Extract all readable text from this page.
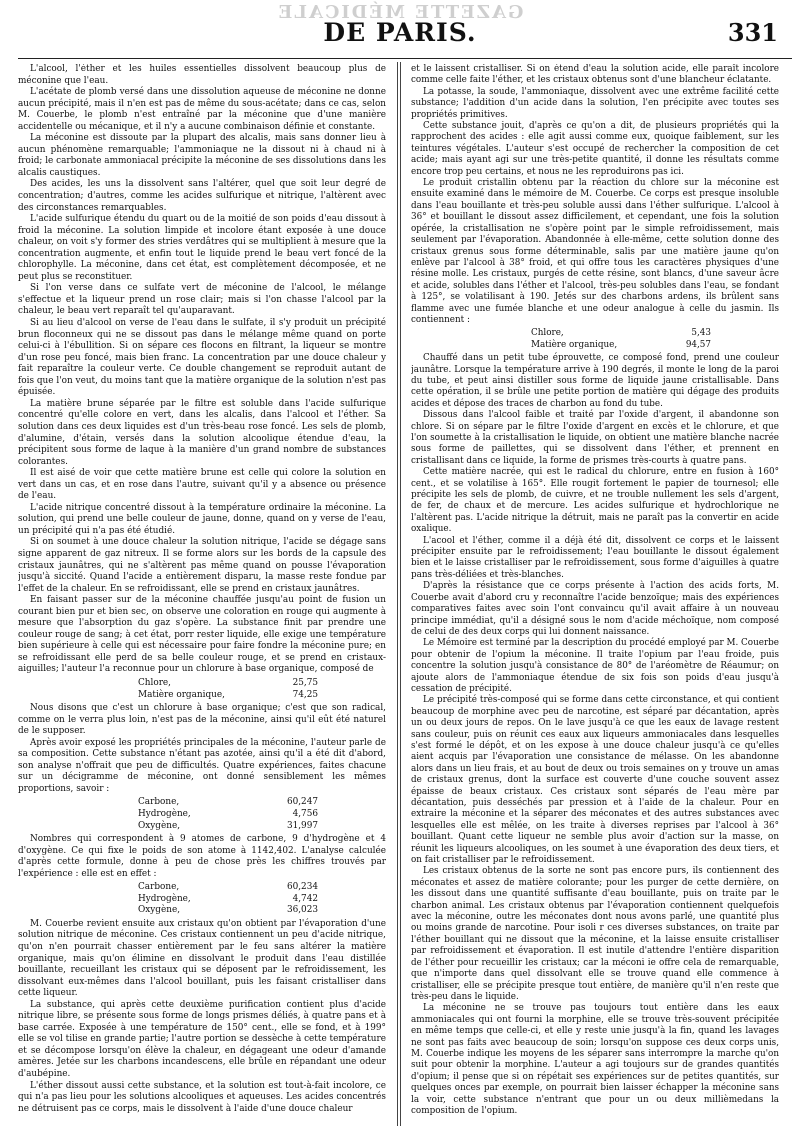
GAZETTE MÉDICALE
DE PARIS.	331

L'alcool, l'éther et les huiles essentielles dissolvent beaucoup plus de méconine que l'eau.

L'acétate de plomb versé dans une dissolution aqueuse de méconine ne donne aucun précipité, mais il n'en est pas de même du sous-acétate; dans ce cas, selon M. Couerbe, le plomb n'est entraîné par la méconine que d'une manière accidentelle ou mécanique, et il n'y a aucune combinaison définie et constante.

La méconine est dissoute par la plupart des alcalis, mais sans donner lieu à aucun phénomène remarquable; l'ammoniaque ne la dissout ni à chaud ni à froid; le carbonate ammoniacal précipite la méconine de ses dissolutions dans les alcalis caustiques.

Des acides, les uns la dissolvent sans l'altérer, quel que soit leur degré de concentration; d'autres, comme les acides sulfurique et nitrique, l'altèrent avec des circonstances remarquables.

L'acide sulfurique étendu du quart ou de la moitié de son poids d'eau dissout à froid la méconine. La solution limpide et incolore étant exposée à une douce chaleur, on voit s'y former des stries verdâtres qui se multiplient à mesure que la concentration augmente, et enfin tout le liquide prend le beau vert foncé de la chlorophylle. La méconine, dans cet état, est complètement décomposée, et ne peut plus se reconstituer.

Si l'on verse dans ce sulfate vert de méconine de l'alcool, le mélange s'effectue et la liqueur prend un rose clair; mais si l'on chasse l'alcool par la chaleur, le beau vert reparaît tel qu'auparavant.

Si au lieu d'alcool on verse de l'eau dans le sulfate, il s'y produit un précipité brun floconneux qui ne se dissout pas dans le mélange même quand on porte celui-ci à l'ébullition. Si on sépare ces flocons en filtrant, la liqueur se montre d'un rose peu foncé, mais bien franc. La concentration par une douce chaleur y fait reparaître la couleur verte. Ce double changement se reproduit autant de fois que l'on veut, du moins tant que la matière organique de la solution n'est pas épuisée.

La matière brune séparée par le filtre est soluble dans l'acide sulfurique concentré qu'elle colore en vert, dans les alcalis, dans l'alcool et l'éther. Sa solution dans ces deux liquides est d'un très-beau rose foncé. Les sels de plomb, d'alumine, d'étain, versés dans la solution alcoolique étendue d'eau, la précipitent sous forme de laque à la manière d'un grand nombre de substances colorantes.

Il est aisé de voir que cette matière brune est celle qui colore la solution en vert dans un cas, et en rose dans l'autre, suivant qu'il y a absence ou présence de l'eau.

L'acide nitrique concentré dissout à la température ordinaire la méconine. La solution, qui prend une belle couleur de jaune, donne, quand on y verse de l'eau, un précipité qui n'a pas été étudié.

Si on soumet à une douce chaleur la solution nitrique, l'acide se dégage sans signe apparent de gaz nitreux. Il se forme alors sur les bords de la capsule des cristaux jaunâtres, qui ne s'altèrent pas même quand on pousse l'évaporation jusqu'à siccité. Quand l'acide a entièrement disparu, la masse reste fondue par l'effet de la chaleur. En se refroidissant, elle se prend en cristaux jaunâtres.

En faisant passer sur de la méconine chauffée jusqu'au point de fusion un courant bien pur et bien sec, on observe une coloration en rouge qui augmente à mesure que l'absorption du gaz s'opère. La substance finit par prendre une couleur rouge de sang; à cet état, porr rester liquide, elle exige une température bien supérieure à celle qui est nécessaire pour faire fondre la méconine pure; en se refroidissant elle perd de sa belle couleur rouge, et se prend en cristaux-aiguilles; l'auteur l'a reconnue pour un chlorure à base organique, composé de

Chlore,	25,75
Matière organique,	74,25

Nous disons que c'est un chlorure à base organique; c'est que son radical, comme on le verra plus loin, n'est pas de la méconine, ainsi qu'il eût été naturel de le supposer.

Après avoir exposé les propriétés principales de la méconine, l'auteur parle de sa composition. Cette substance n'étant pas azotée, ainsi qu'il a été dit d'abord, son analyse n'offrait que peu de difficultés. Quatre expériences, faites chacune sur un décigramme de méconine, ont donné sensiblement les mêmes proportions, savoir :

Carbone,	60,247
Hydrogène,	4,756
Oxygène,	31,997

Nombres qui correspondent à 9 atomes de carbone, 9 d'hydrogène et 4 d'oxygène. Ce qui fixe le poids de son atome à 1142,402. L'analyse calculée d'après cette formule, donne à peu de chose près les chiffres trouvés par l'expérience : elle est en effet :

Carbone,	60,234
Hydrogène,	4,742
Oxygène,	36,023

M. Couerbe revient ensuite aux cristaux qu'on obtient par l'évaporation d'une solution nitrique de méconine. Ces cristaux contiennent un peu d'acide nitrique, qu'on n'en pourrait chasser entièrement par le feu sans altérer la matière organique, mais qu'on élimine en dissolvant le produit dans l'eau distillée bouillante, recueillant les cristaux qui se déposent par le refroidissement, les dissolvant eux-mêmes dans l'alcool bouillant, puis les faisant cristalliser dans cette liqueur.

La substance, qui après cette deuxième purification contient plus d'acide nitrique libre, se présente sous forme de longs prismes déliés, à quatre pans et à base carrée. Exposée à une température de 150° cent., elle se fond, et à 199° elle se vol tilise en grande partie; l'autre portion se dessèche à cette température et se décompose lorsqu'on élève la chaleur, en dégageant une odeur d'amande amères. Jetée sur les charbons incandescens, elle brûle en répandant une odeur d'aubépine.

L'éther dissout aussi cette substance, et la solution est tout-à-fait incolore, ce qui n'a pas lieu pour les solutions alcooliques et aqueuses. Les acides concentrés ne détruisent pas ce corps, mais le dissolvent à l'aide d'une douce chaleur

et le laissent cristalliser. Si on étend d'eau la solution acide, elle paraît incolore comme celle faite l'éther, et les cristaux obtenus sont d'une blancheur éclatante.

La potasse, la soude, l'ammoniaque, dissolvent avec une extrême facilité cette substance; l'addition d'un acide dans la solution, l'en précipite avec toutes ses propriétés primitives.

Cette substance jouit, d'après ce qu'on a dit, de plusieurs propriétés qui la rapprochent des acides : elle agit aussi comme eux, quoique faiblement, sur les teintures végétales. L'auteur s'est occupé de rechercher la composition de cet acide; mais ayant agi sur une très-petite quantité, il donne les résultats comme encore trop peu certains, et nous ne les reproduirons pas ici.

Le produit cristallin obtenu par la réaction du chlore sur la méconine est ensuite examiné dans le mémoire de M. Couerbe. Ce corps est presque insoluble dans l'eau bouillante et très-peu soluble aussi dans l'éther sulfurique. L'alcool à 36° et bouillant le dissout assez difficilement, et cependant, une fois la solution opérée, la cristallisation ne s'opère point par le simple refroidissement, mais seulement par l'évaporation. Abandonnée à elle-même, cette solution donne des cristaux grenus sous forme déterminable, salis par une matière jaune qu'on enlève par l'alcool à 38° froid, et qui offre tous les caractères physiques d'une résine molle. Les cristaux, purgés de cette résine, sont blancs, d'une saveur âcre et acide, solubles dans l'éther et l'alcool, très-peu solubles dans l'eau, se fondant à 125°, se volatilisant à 190. Jetés sur des charbons ardens, ils brûlent sans flamme avec une fumée blanche et une odeur analogue à celle du jasmin. Ils contiennent :

Chlore,	5,43
Matière organique,	94,57

Chauffé dans un petit tube éprouvette, ce composé fond, prend une couleur jaunâtre. Lorsque la température arrive à 190 degrés, il monte le long de la paroi du tube, et peut ainsi distiller sous forme de liquide jaune cristallisable. Dans cette opération, il se brûle une petite portion de matière qui dégage des produits acides et dépose des traces de charbon au fond du tube.

Dissous dans l'alcool faible et traité par l'oxide d'argent, il abandonne son chlore. Si on sépare par le filtre l'oxide d'argent en excès et le chlorure, et que l'on soumette à la cristallisation le liquide, on obtient une matière blanche nacrée sous forme de paillettes, qui se dissolvent dans l'éther, et prennent en cristallisant dans ce liquide, la forme de prismes très-courts à quatre pans.

Cette matière nacrée, qui est le radical du chlorure, entre en fusion à 160° cent., et se volatilise à 165°. Elle rougit fortement le papier de tournesol; elle précipite les sels de plomb, de cuivre, et ne trouble nullement les sels d'argent, de fer, de chaux et de mercure. Les acides sulfurique et hydrochlorique ne l'altèrent pas. L'acide nitrique la détruit, mais ne paraît pas la convertir en acide oxalique.

L'acool et l'éther, comme il a déjà été dit, dissolvent ce corps et le laissent précipiter ensuite par le refroidissement; l'eau bouillante le dissout également bien et le laisse cristalliser par le refroidissement, sous forme d'aiguilles à quatre pans très-déliées et très-blanches.

D'après la résistance que ce corps présente à l'action des acids forts, M. Couerbe avait d'abord cru y reconnaître l'acide benzoïque; mais des expériences comparatives faites avec soin l'ont convaincu qu'il avait affaire à un nouveau principe immédiat, qu'il a désigné sous le nom d'acide méchoïque, nom composé de celui de des deux corps qui lui donnent naissance.

Le Mémoire est terminé par la description du procédé employé par M. Couerbe pour obtenir de l'opium la méconine. Il traite l'opium par l'eau froide, puis concentre la solution jusqu'à consistance de 80° de l'aréomètre de Réaumur; on ajoute alors de l'ammoniaque étendue de six fois son poids d'eau jusqu'à cessation de précipité.

Le précipité très-composé qui se forme dans cette circonstance, et qui contient beaucoup de morphine avec peu de narcotine, est séparé par décantation, après un ou deux jours de repos. On le lave jusqu'à ce que les eaux de lavage restent sans couleur, puis on réunit ces eaux aux liqueurs ammoniacales dans lesquelles s'est formé le dépôt, et on les expose à une douce chaleur jusqu'à ce qu'elles aient acquis par l'évaporation une consistance de mélasse. On les abandonne alors dans un lieu frais, et au bout de deux ou trois semaines on y trouve un amas de cristaux grenus, dont la surface est couverte d'une couche souvent assez épaisse de beaux cristaux. Ces cristaux sont séparés de l'eau mère par décantation, puis desséchés par pression et à l'aide de la chaleur. Pour en extraire la méconine et la séparer des méconates et des autres substances avec lesquelles elle est mêlée, on les traite à diverses reprises par l'alcool à 36° bouillant. Quant cette liqueur ne semble plus avoir d'action sur la masse, on réunit les liqueurs alcooliques, on les soumet à une évaporation des deux tiers, et on fait cristalliser par le refroidissement.

Les cristaux obtenus de la sorte ne sont pas encore purs, ils contiennent des méconates et assez de matière colorante; pour les purger de cette dernière, on les dissout dans une quantité suffisante d'eau bouillante, puis on traite par le charbon animal. Les cristaux obtenus par l'évaporation contiennent quelquefois avec la méconine, outre les méconates dont nous avons parlé, une quantité plus ou moins grande de narcotine. Pour isoli r ces diverses substances, on traite par l'éther bouillant qui ne dissout que la méconine, et la laisse ensuite cristalliser par refroidissement et évaporation. Il est inutile d'attendre l'entière disparition de l'éther pour recueillir les cristaux; car la méconi ie offre cela de remarquable, que n'importe dans quel dissolvant elle se trouve quand elle commence à cristalliser, elle se précipite presque tout entière, de manière qu'il n'en reste que très-peu dans le liquide.

La méconine ne se trouve pas toujours tout entière dans les eaux ammoniacales qui ont fourni la morphine, elle se trouve très-souvent précipitée en même temps que celle-ci, et elle y reste unie jusqu'à la fin, quand les lavages ne sont pas faits avec beaucoup de soin; lorsqu'on suppose ces deux corps unis, M. Couerbe indique les moyens de les séparer sans interrompre la marche qu'on suit pour obtenir la morphine. L'auteur a agi toujours sur de grandes quantités d'opium; il pense que si on répétait ses expériences sur de petites quantités, sur quelques onces par exemple, on pourrait bien laisser échapper la méconine sans la voir, cette substance n'entrant que pour un ou deux millièmedans la composition de l'opium.
